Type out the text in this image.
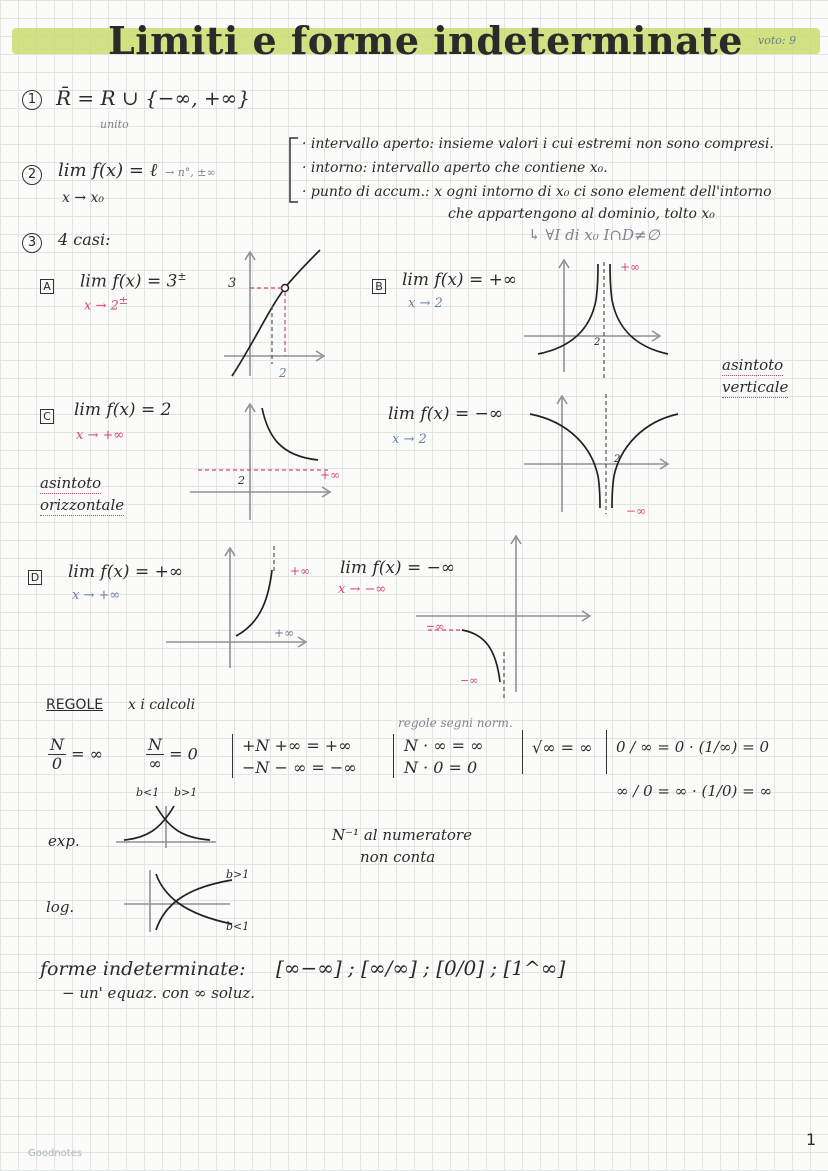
Limiti e forme indeterminate voto: 9
1 R̄ = R ∪ {−∞, +∞}
unito
2	lim f(x) = ℓ → n°, ±∞
x → x₀
· intervallo aperto: insieme valori i cui estremi non sono compresi.
· intorno: intervallo aperto che contiene x₀.
· punto di accum.: x ogni intorno di x₀ ci sono element dell'intorno
che appartengono al dominio, tolto x₀
↳ ∀I di x₀ I∩D≠∅
3	4 casi:
A lim f(x) = 3±
x → 2±
3
2
B lim f(x) = +∞
x → 2
+∞
2
asintoto
verticale
C lim f(x) = 2
x → +∞
2	+∞
asintoto
orizzontale
lim f(x) = −∞
x → 2
2
−∞
D lim f(x) = +∞
x → +∞
+∞
+∞
lim f(x) = −∞
x → −∞
−∞
−∞
REGOLE x i calcoli
$\frac{N}{0}$ = ∞	N
∞ = 0	+N +∞ = +∞
−N − ∞ = −∞
regole segni norm.
N · ∞ = ∞
N · 0 = 0
√∞ = ∞ 0 / ∞ = 0 · (1/∞) = 0
∞ / 0 = ∞ · (1/0) = ∞
exp.
b<1 b>1
log.
b>1
b<1
N⁻¹ al numeratore
non conta
forme indeterminate: [∞−∞] ; [∞/∞] ; [0/0] ; [1^∞]
− un' equaz. con ∞ soluz.
Goodnotes
1
